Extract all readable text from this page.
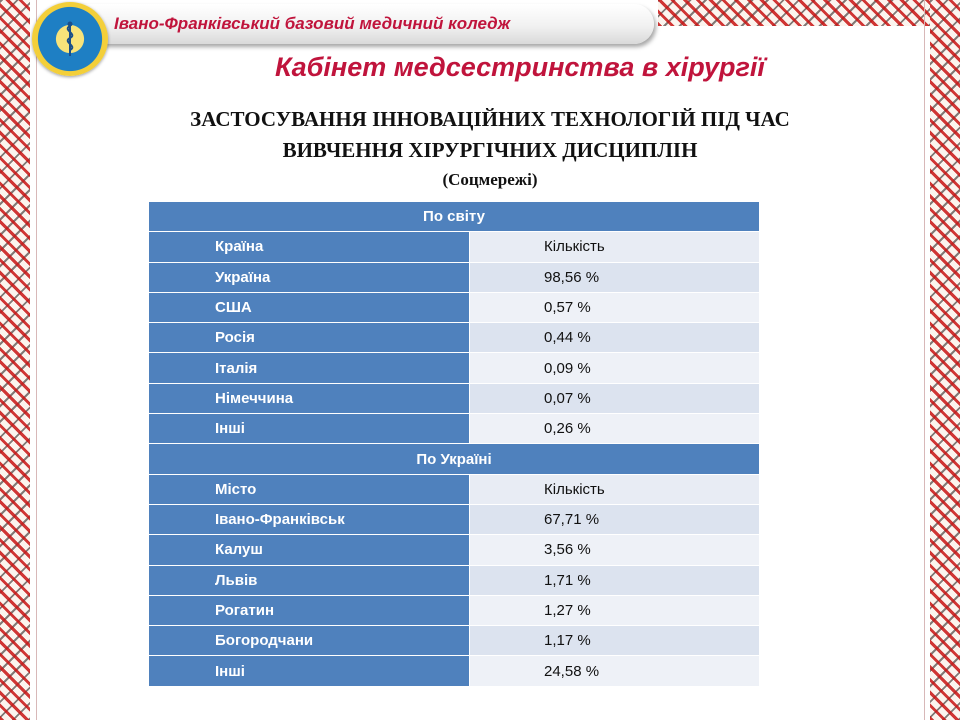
Івано-Франківський базовий медичний коледж
Кабінет медсестринства в хірургії
ЗАСТОСУВАННЯ ІННОВАЦІЙНИХ ТЕХНОЛОГІЙ ПІД ЧАС
ВИВЧЕННЯ ХІРУРГІЧНИХ ДИСЦИПЛІН
(Соцмережі)
По світу	
Країна	Кількість
Україна	98,56 %
США	0,57 %
Росія	0,44 %
Італія	0,09 %
Німеччина	0,07 %
Інші	0,26 %
По Україні	
Місто	Кількість
Івано-Франківськ	67,71 %
Калуш	3,56 %
Львів	1,71 %
Рогатин	1,27 %
Богородчани	1,17 %
Інші	24,58 %
